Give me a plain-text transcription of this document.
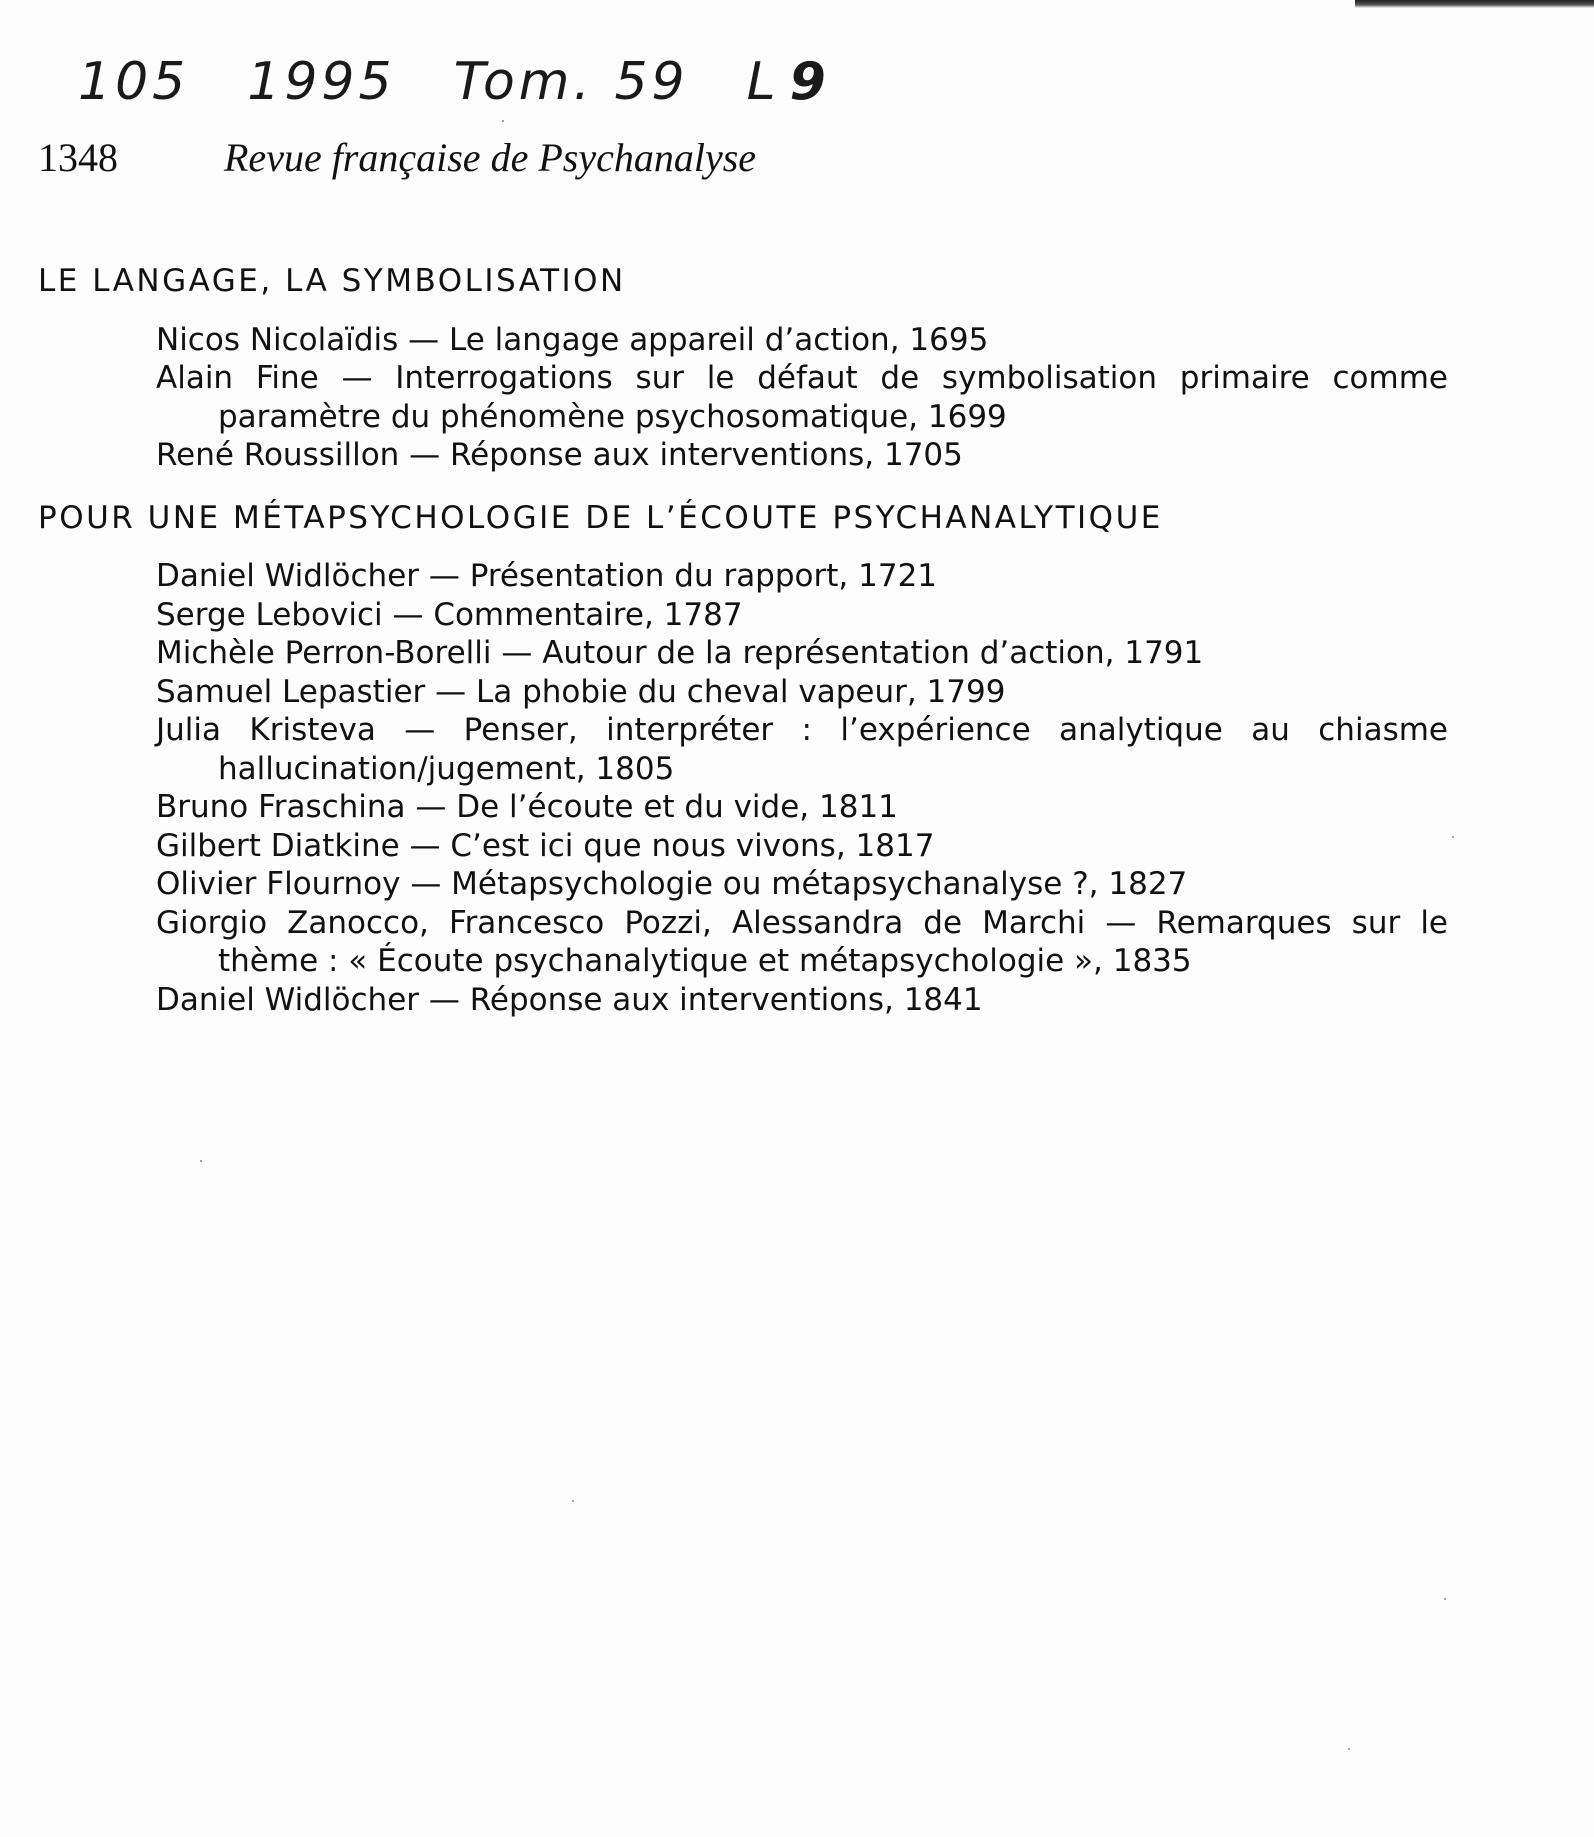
105 1995 Tom. 59 L 9
1348	Revue française de Psychanalyse
LE LANGAGE, LA SYMBOLISATION
Nicos Nicolaïdis — Le langage appareil d’action, 1695
Alain Fine — Interrogations sur le défaut de symbolisation primaire comme paramètre du phénomène psychosomatique, 1699
René Roussillon — Réponse aux interventions, 1705
POUR UNE MÉTAPSYCHOLOGIE DE L’ÉCOUTE PSYCHANALYTIQUE
Daniel Widlöcher — Présentation du rapport, 1721
Serge Lebovici — Commentaire, 1787
Michèle Perron-Borelli — Autour de la représentation d’action, 1791
Samuel Lepastier — La phobie du cheval vapeur, 1799
Julia Kristeva — Penser, interpréter : l’expérience analytique au chiasme hallucination/jugement, 1805
Bruno Fraschina — De l’écoute et du vide, 1811
Gilbert Diatkine — C’est ici que nous vivons, 1817
Olivier Flournoy — Métapsychologie ou métapsychanalyse ?, 1827
Giorgio Zanocco, Francesco Pozzi, Alessandra de Marchi — Remarques sur le thème : « Écoute psychanalytique et métapsychologie », 1835
Daniel Widlöcher — Réponse aux interventions, 1841
